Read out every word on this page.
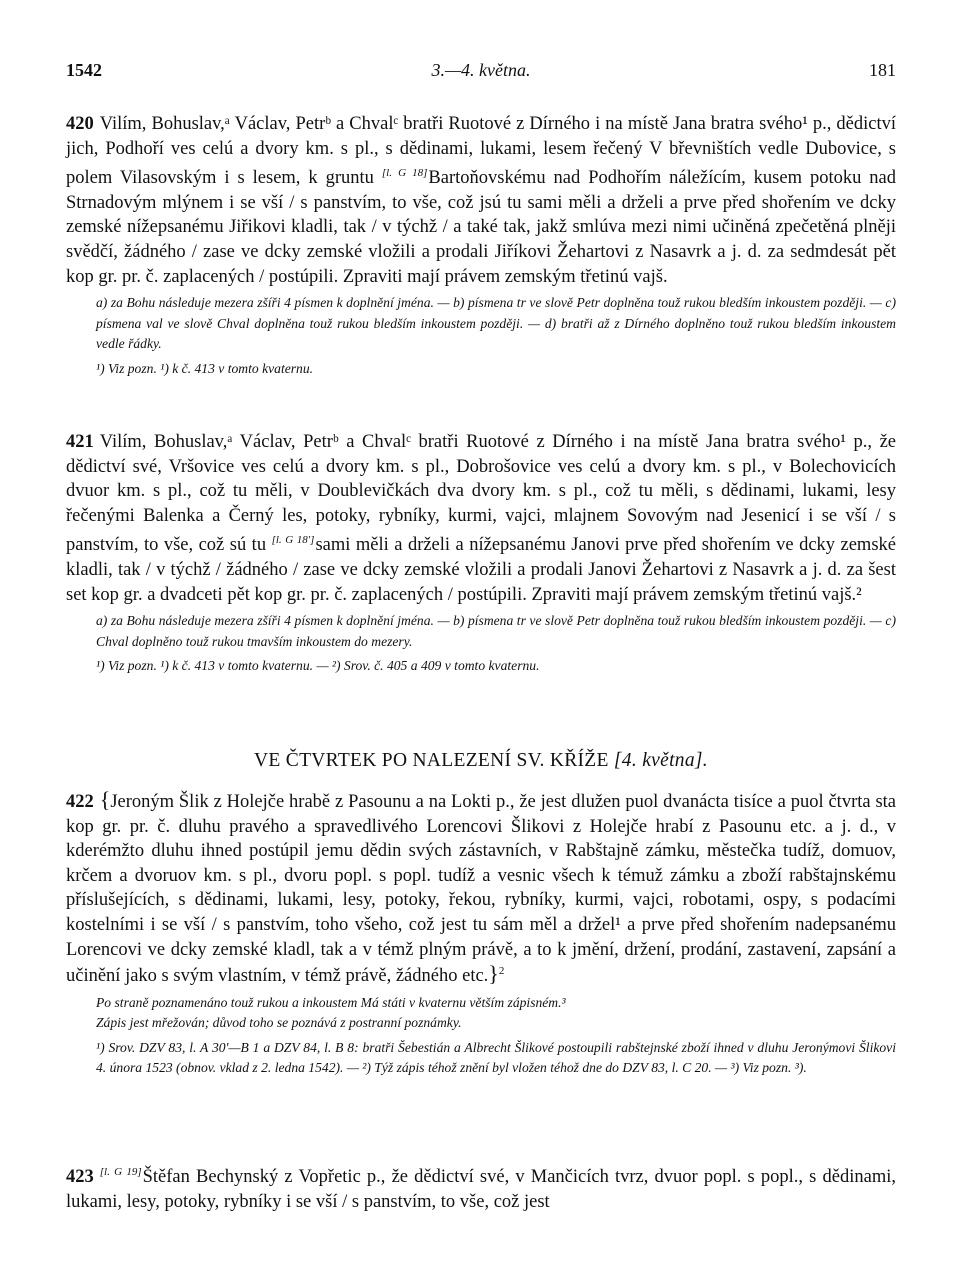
1542	3.—4. května.	181

420 Vilím, Bohuslav,ᵃ Václav, Petrᵇ a Chvalᶜ bratři Ruotové z Dírného i na místě Jana bratra svého¹ p., dědictví jich, Podhoří ves celú a dvory km. s pl., s dědinami, lukami, lesem řečený V břevništích vedle Dubovice, s polem Vilasovským i s lesem, k gruntu [l. G 18]Bartoňovskému nad Podhořím náležícím, kusem potoku nad Strnadovým mlýnem i se vší / s panstvím, to vše, což jsú tu sami měli a drželi a prve před shořením ve dcky zemské nížepsanému Jiřikovi kladli, tak / v týchž / a také tak, jakž smlúva mezi nimi učiněná zpečetěná plněji svědčí, žádného / zase ve dcky zemské vložili a prodali Jiříkovi Žehartovi z Nasavrk a j. d. za sedmdesát pět kop gr. pr. č. zaplacených / postúpili. Zpraviti mají právem zemským třetinú vajš.

a) za Bohu následuje mezera zšíři 4 písmen k doplnění jména. — b) písmena tr ve slově Petr doplněna touž rukou bledším inkoustem později. — c) písmena val ve slově Chval doplněna touž rukou bledším inkoustem později. — d) bratři až z Dírného doplněno touž rukou bledším inkoustem vedle řádky.

¹) Viz pozn. ¹) k č. 413 v tomto kvaternu.

421 Vilím, Bohuslav,ᵃ Václav, Petrᵇ a Chvalᶜ bratři Ruotové z Dírného i na místě Jana bratra svého¹ p., že dědictví své, Vršovice ves celú a dvory km. s pl., Dobrošovice ves celú a dvory km. s pl., v Bolechovicích dvuor km. s pl., což tu měli, v Doublevičkách dva dvory km. s pl., což tu měli, s dědinami, lukami, lesy řečenými Balenka a Černý les, potoky, rybníky, kurmi, vajci, mlajnem Sovovým nad Jesenicí i se vší / s panstvím, to vše, což sú tu [l. G 18']sami měli a drželi a nížepsanému Janovi prve před shořením ve dcky zemské kladli, tak / v týchž / žádného / zase ve dcky zemské vložili a prodali Janovi Žehartovi z Nasavrk a j. d. za šest set kop gr. a dvadceti pět kop gr. pr. č. zaplacených / postúpili. Zpraviti mají právem zemským třetinú vajš.²

a) za Bohu následuje mezera zšíři 4 písmen k doplnění jména. — b) písmena tr ve slově Petr doplněna touž rukou bledším inkoustem později. — c) Chval doplněno touž rukou tmavším inkoustem do mezery.

¹) Viz pozn. ¹) k č. 413 v tomto kvaternu. — ²) Srov. č. 405 a 409 v tomto kvaternu.

VE ČTVRTEK PO NALEZENÍ SV. KŘÍŽE [4. května].

422 {Jeroným Šlik z Holejče hrabě z Pasounu a na Lokti p., že jest dlužen puol dvanácta tisíce a puol čtvrta sta kop gr. pr. č. dluhu pravého a spravedlivého Lorencovi Šlikovi z Holejče hrabí z Pasounu etc. a j. d., v kderémžto dluhu ihned postúpil jemu dědin svých zástavních, v Rabštajně zámku, městečka tudíž, domuov, krčem a dvoruov km. s pl., dvoru popl. s popl. tudíž a vesnic všech k témuž zámku a zboží rabštajnskému příslušejících, s dědinami, lukami, lesy, potoky, řekou, rybníky, kurmi, vajci, robotami, ospy, s podacími kostelními i se vší / s panstvím, toho všeho, což jest tu sám měl a držel¹ a prve před shořením nadepsanému Lorencovi ve dcky zemské kladl, tak a v témž plným právě, a to k jmění, držení, prodání, zastavení, zapsání a učinění jako s svým vlastním, v témž právě, žádného etc.}$^2$

Po straně poznamenáno touž rukou a inkoustem Má státi v kvaternu větším zápisném.³

Zápis jest mřežován; důvod toho se poznává z postranní poznámky.

¹) Srov. DZV 83, l. A 30'—B 1 a DZV 84, l. B 8: bratři Šebestián a Albrecht Šlikové postoupili rabštejnské zboží ihned v dluhu Jeronýmovi Šlikovi 4. února 1523 (obnov. vklad z 2. ledna 1542). — ²) Týž zápis téhož znění byl vložen téhož dne do DZV 83, l. C 20. — ³) Viz pozn. ³).

423 [l. G 19]Štěfan Bechynský z Vopřetic p., že dědictví své, v Mančicích tvrz, dvuor popl. s popl., s dědinami, lukami, lesy, potoky, rybníky i se vší / s panstvím, to vše, což jest
